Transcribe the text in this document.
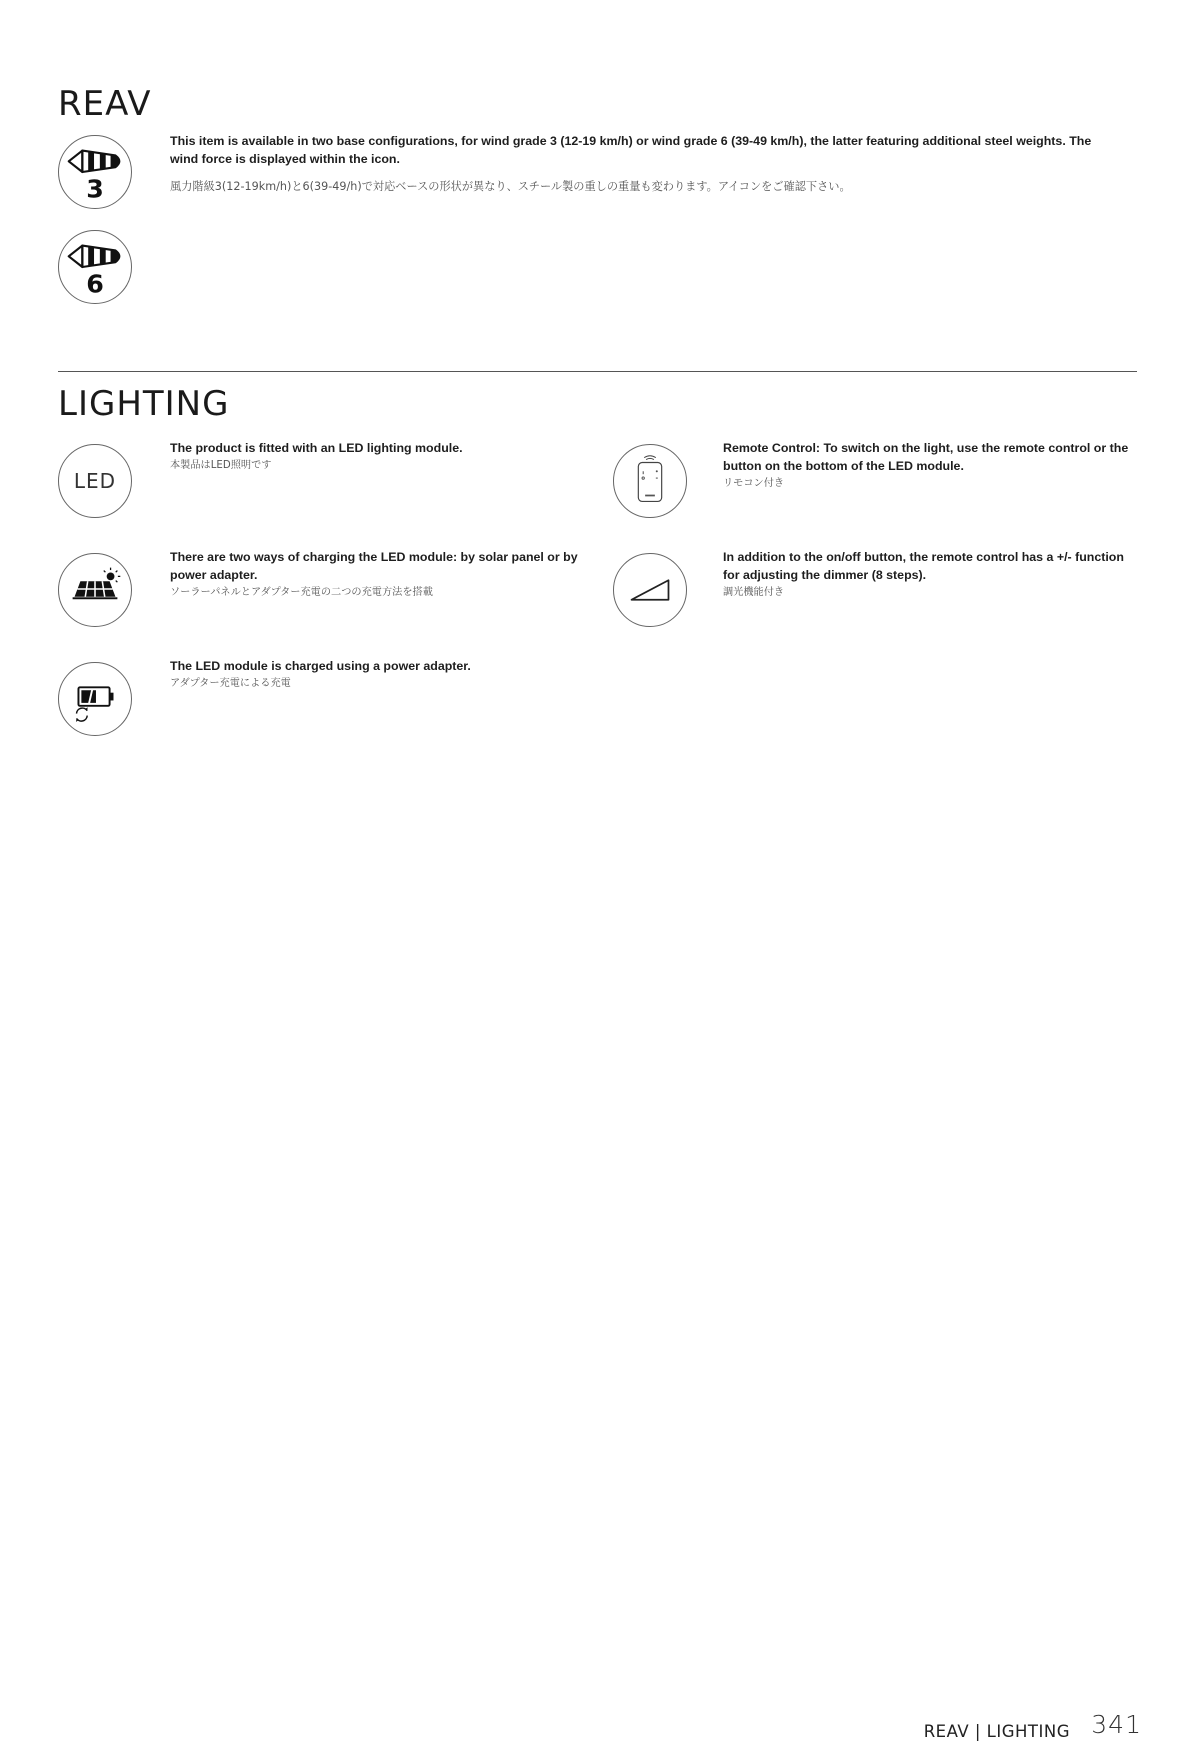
REAV
3
6
This item is available in two base configurations, for wind grade 3 (12-19 km/h) or wind grade 6 (39-49 km/h), the latter featuring additional steel weights. The wind force is displayed within the icon.
風力階級3(12-19km/h)と6(39-49/h)で対応ベースの形状が異なり、スチール製の重しの重量も変わります。アイコンをご確認下さい。
LIGHTING
LED
The product is fitted with an LED lighting module.
本製品はLED照明です
Remote Control: To switch on the light, use the remote control or the button on the bottom of the LED module.
リモコン付き
There are two ways of charging the LED module: by solar panel or by power adapter.
ソーラーパネルとアダプター充電の二つの充電方法を搭載
In addition to the on/off button, the remote control has a +/- function for adjusting the dimmer (8 steps).
調光機能付き
The LED module is charged using a power adapter.
アダプター充電による充電
REAV | LIGHTING 341
